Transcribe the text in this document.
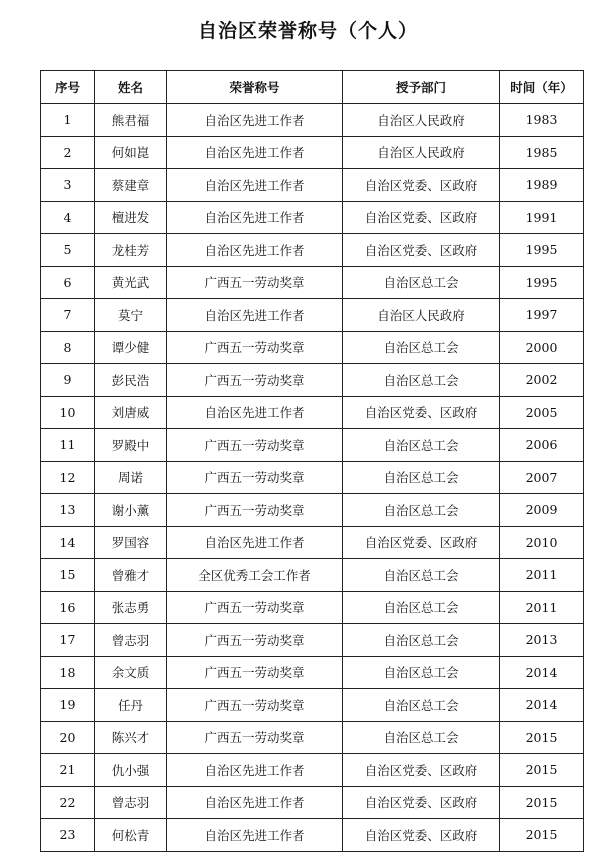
自治区荣誉称号（个人）
序号	姓名	荣誉称号	授予部门	时间（年）
1	熊君福	自治区先进工作者	自治区人民政府	1983
2	何如崑	自治区先进工作者	自治区人民政府	1985
3	蔡建章	自治区先进工作者	自治区党委、区政府	1989
4	檀进发	自治区先进工作者	自治区党委、区政府	1991
5	龙桂芳	自治区先进工作者	自治区党委、区政府	1995
6	黄光武	广西五一劳动奖章	自治区总工会	1995
7	莫宁	自治区先进工作者	自治区人民政府	1997
8	谭少健	广西五一劳动奖章	自治区总工会	2000
9	彭民浩	广西五一劳动奖章	自治区总工会	2002
10	刘唐威	自治区先进工作者	自治区党委、区政府	2005
11	罗殿中	广西五一劳动奖章	自治区总工会	2006
12	周诺	广西五一劳动奖章	自治区总工会	2007
13	谢小薰	广西五一劳动奖章	自治区总工会	2009
14	罗国容	自治区先进工作者	自治区党委、区政府	2010
15	曾雅才	全区优秀工会工作者	自治区总工会	2011
16	张志勇	广西五一劳动奖章	自治区总工会	2011
17	曾志羽	广西五一劳动奖章	自治区总工会	2013
18	余文质	广西五一劳动奖章	自治区总工会	2014
19	任丹	广西五一劳动奖章	自治区总工会	2014
20	陈兴才	广西五一劳动奖章	自治区总工会	2015
21	仇小强	自治区先进工作者	自治区党委、区政府	2015
22	曾志羽	自治区先进工作者	自治区党委、区政府	2015
23	何松青	自治区先进工作者	自治区党委、区政府	2015
